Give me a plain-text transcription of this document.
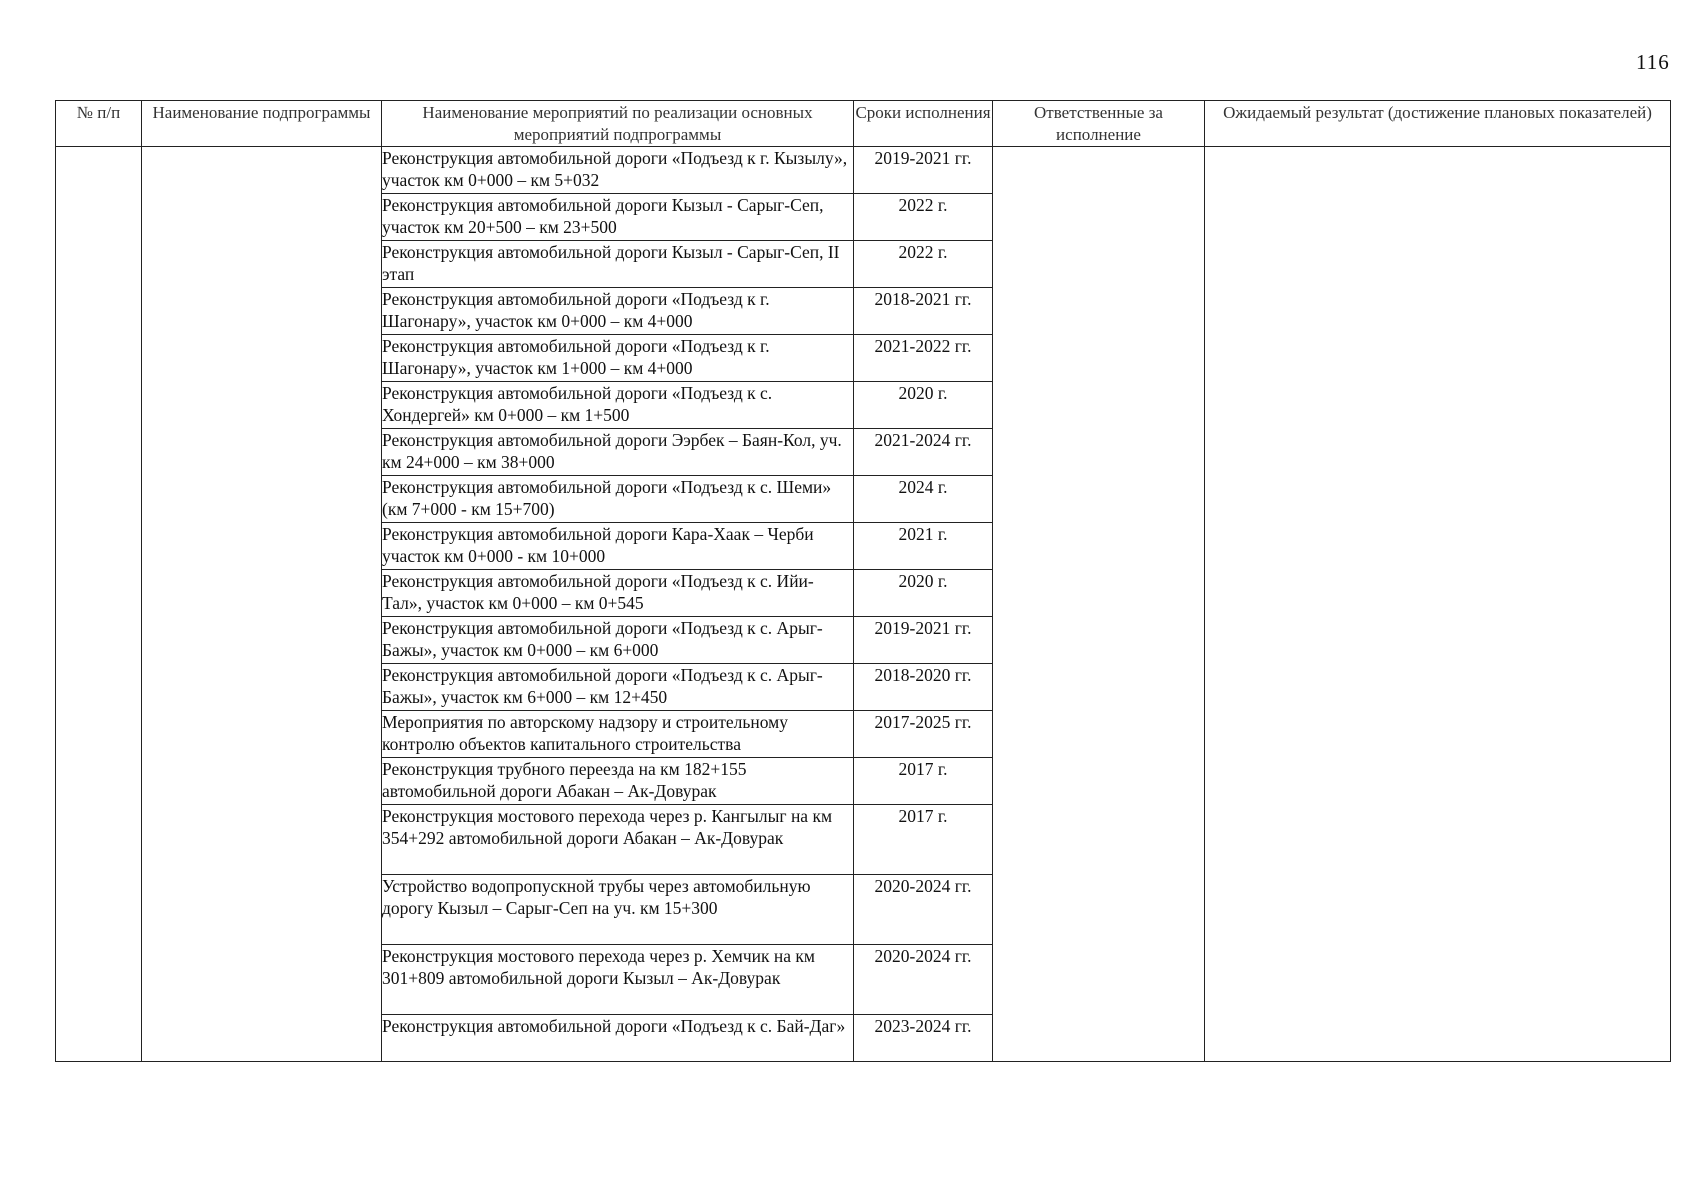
116
№ п/п	Наименование подпрограммы	Наименование мероприятий по реализации основных мероприятий подпрограммы	Сроки исполнения	Ответственные за исполнение	Ожидаемый результат (достижение плановых показателей)
		Реконструкция автомобильной дороги «Подъезд к г. Кызылу», участок км 0+000 – км 5+032	2019-2021 гг.		
		Реконструкция автомобильной дороги Кызыл - Сарыг-Сеп, участок км 20+500 – км 23+500	2022 г.		
		Реконструкция автомобильной дороги Кызыл - Сарыг-Сеп, II этап	2022 г.		
		Реконструкция автомобильной дороги «Подъезд к г. Шагонару», участок км 0+000 – км 4+000	2018-2021 гг.		
		Реконструкция автомобильной дороги «Подъезд к г. Шагонару», участок км 1+000 – км 4+000	2021-2022 гг.		
		Реконструкция автомобильной дороги «Подъезд к с. Хондергей» км 0+000 – км 1+500	2020 г.		
		Реконструкция автомобильной дороги Ээрбек – Баян-Кол, уч. км 24+000 – км 38+000	2021-2024 гг.		
		Реконструкция автомобильной дороги «Подъезд к с. Шеми» (км 7+000 - км 15+700)	2024 г.		
		Реконструкция автомобильной дороги Кара-Хаак – Черби участок км 0+000 - км 10+000	2021 г.		
		Реконструкция автомобильной дороги «Подъезд к с. Ийи-Тал», участок км 0+000 – км 0+545	2020 г.		
		Реконструкция автомобильной дороги «Подъезд к с. Арыг-Бажы», участок км 0+000 – км 6+000	2019-2021 гг.		
		Реконструкция автомобильной дороги «Подъезд к с. Арыг-Бажы», участок км 6+000 – км 12+450	2018-2020 гг.		
		Мероприятия по авторскому надзору и строительному контролю объектов капитального строительства	2017-2025 гг.		
		Реконструкция трубного переезда на км 182+155 автомобильной дороги Абакан – Ак-Довурак	2017 г.		
		Реконструкция мостового перехода через р. Кангылыг на км 354+292 автомобильной дороги Абакан – Ак-Довурак	2017 г.		
		Устройство водопропускной трубы через автомобильную дорогу Кызыл – Сарыг-Сеп на уч. км 15+300	2020-2024 гг.		
		Реконструкция мостового перехода через р. Хемчик на км 301+809 автомобильной дороги Кызыл – Ак-Довурак	2020-2024 гг.		
		Реконструкция автомобильной дороги «Подъезд к с. Бай-Даг»	2023-2024 гг.		
